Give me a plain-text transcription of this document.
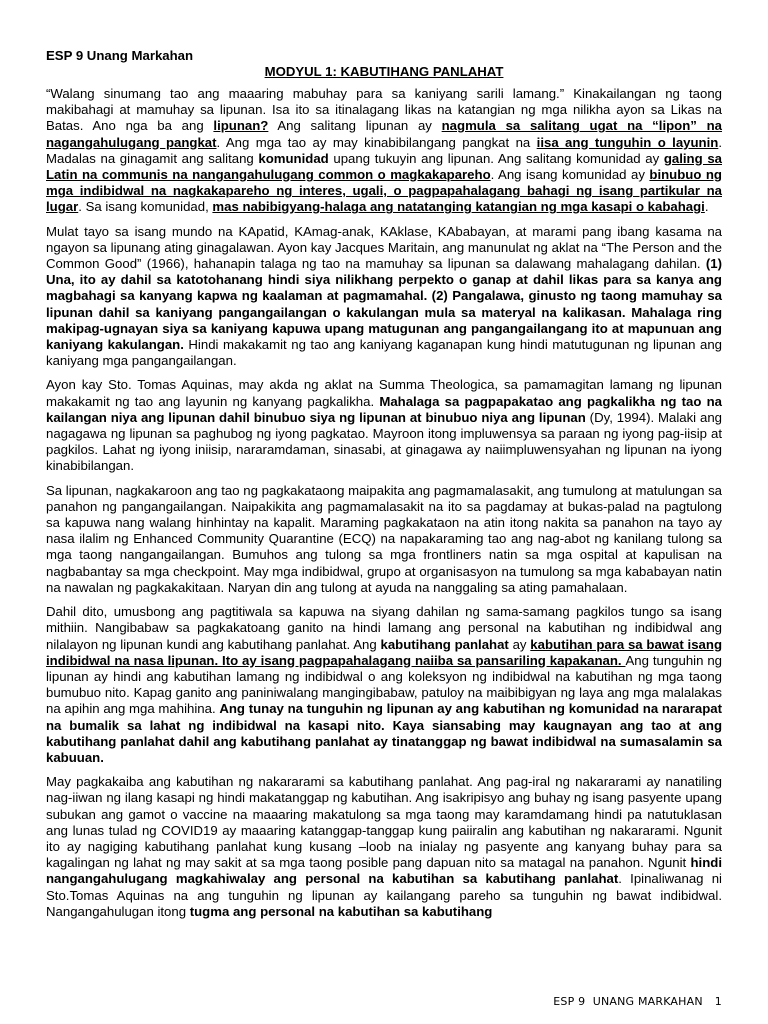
ESP 9 Unang Markahan
MODYUL 1: KABUTIHANG PANLAHAT

“Walang sinumang tao ang maaaring mabuhay para sa kaniyang sarili lamang.” Kinakailangan ng taong makibahagi at mamuhay sa lipunan. Isa ito sa itinalagang likas na katangian ng mga nilikha ayon sa Likas na Batas. Ano nga ba ang lipunan? Ang salitang lipunan ay nagmula sa salitang ugat na “lipon” na nagangahulugang pangkat. Ang mga tao ay may kinabibilangang pangkat na iisa ang tunguhin o layunin. Madalas na ginagamit ang salitang komunidad upang tukuyin ang lipunan. Ang salitang komunidad ay galing sa Latin na communis na nangangahulugang common o magkakapareho. Ang isang komunidad ay binubuo ng mga indibidwal na nagkakapareho ng interes, ugali, o pagpapahalagang bahagi ng isang partikular na lugar. Sa isang komunidad, mas nabibigyang-halaga ang natatanging katangian ng mga kasapi o kabahagi.

Mulat tayo sa isang mundo na KApatid, KAmag-anak, KAklase, KAbabayan, at marami pang ibang kasama na ngayon sa lipunang ating ginagalawan. Ayon kay Jacques Maritain, ang manunulat ng aklat na “The Person and the Common Good” (1966), hahanapin talaga ng tao na mamuhay sa lipunan sa dalawang mahalagang dahilan. (1) Una, ito ay dahil sa katotohanang hindi siya nilikhang perpekto o ganap at dahil likas para sa kanya ang magbahagi sa kanyang kapwa ng kaalaman at pagmamahal. (2) Pangalawa, ginusto ng taong mamuhay sa lipunan dahil sa kaniyang pangangailangan o kakulangan mula sa materyal na kalikasan. Mahalaga ring makipag-ugnayan siya sa kaniyang kapuwa upang matugunan ang pangangailangang ito at mapunuan ang kaniyang kakulangan. Hindi makakamit ng tao ang kaniyang kaganapan kung hindi matutugunan ng lipunan ang kaniyang mga pangangailangan.

Ayon kay Sto. Tomas Aquinas, may akda ng aklat na Summa Theologica, sa pamamagitan lamang ng lipunan makakamit ng tao ang layunin ng kanyang pagkalikha. Mahalaga sa pagpapakatao ang pagkalikha ng tao na kailangan niya ang lipunan dahil binubuo siya ng lipunan at binubuo niya ang lipunan (Dy, 1994). Malaki ang nagagawa ng lipunan sa paghubog ng iyong pagkatao. Mayroon itong impluwensya sa paraan ng iyong pag-iisip at pagkilos. Lahat ng iyong iniisip, nararamdaman, sinasabi, at ginagawa ay naiimpluwensyahan ng lipunan na iyong kinabibilangan.

Sa lipunan, nagkakaroon ang tao ng pagkakataong maipakita ang pagmamalasakit, ang tumulong at matulungan sa panahon ng pangangailangan. Naipakikita ang pagmamalasakit na ito sa pagdamay at bukas-palad na pagtulong sa kapuwa nang walang hinhintay na kapalit. Maraming pagkakataon na atin itong nakita sa panahon na tayo ay nasa ilalim ng Enhanced Community Quarantine (ECQ) na napakaraming tao ang nag-abot ng kanilang tulong sa mga taong nangangailangan. Bumuhos ang tulong sa mga frontliners natin sa mga ospital at kapulisan na nagbabantay sa mga checkpoint. May mga indibidwal, grupo at organisasyon na tumulong sa mga kababayan natin na nawalan ng pagkakakitaan. Naryan din ang tulong at ayuda na nanggaling sa ating pamahalaan.

Dahil dito, umusbong ang pagtitiwala sa kapuwa na siyang dahilan ng sama-samang pagkilos tungo sa isang mithiin. Nangibabaw sa pagkakatoang ganito na hindi lamang ang personal na kabutihan ng indibidwal ang nilalayon ng lipunan kundi ang kabutihang panlahat. Ang kabutihang panlahat ay kabutihan para sa bawat isang indibidwal na nasa lipunan. Ito ay isang pagpapahalagang naiiba sa pansariling kapakanan. Ang tunguhin ng lipunan ay hindi ang kabutihan lamang ng indibidwal o ang koleksyon ng indibidwal na kabutihan ng mga taong bumubuo nito. Kapag ganito ang paniniwalang mangingibabaw, patuloy na maibibigyan ng laya ang mga malalakas na apihin ang mga mahihina. Ang tunay na tunguhin ng lipunan ay ang kabutihan ng komunidad na nararapat na bumalik sa lahat ng indibidwal na kasapi nito. Kaya siansabing may kaugnayan ang tao at ang kabutihang panlahat dahil ang kabutihang panlahat ay tinatanggap ng bawat indibidwal na sumasalamin sa kabuuan.

May pagkakaiba ang kabutihan ng nakararami sa kabutihang panlahat. Ang pag-iral ng nakararami ay nanatiling nag-iiwan ng ilang kasapi ng hindi makatanggap ng kabutihan. Ang isakripisyo ang buhay ng isang pasyente upang subukan ang gamot o vaccine na maaaring makatulong sa mga taong may karamdamang hindi pa natutuklasan ang lunas tulad ng COVID19 ay maaaring katanggap-tanggap kung paiiralin ang kabutihan ng nakararami. Ngunit ito ay nagiging kabutihang panlahat kung kusang –loob na inialay ng pasyente ang kanyang buhay para sa kagalingan ng lahat ng may sakit at sa mga taong posible pang dapuan nito sa matagal na panahon. Ngunit hindi nangangahulugang magkahiwalay ang personal na kabutihan sa kabutihang panlahat. Ipinaliwanag ni Sto.Tomas Aquinas na ang tunguhin ng lipunan ay kailangang pareho sa tunguhin ng bawat indibidwal. Nangangahulugan itong tugma ang personal na kabutihan sa kabutihang

ESP 9 UNANG MARKAHAN 1
